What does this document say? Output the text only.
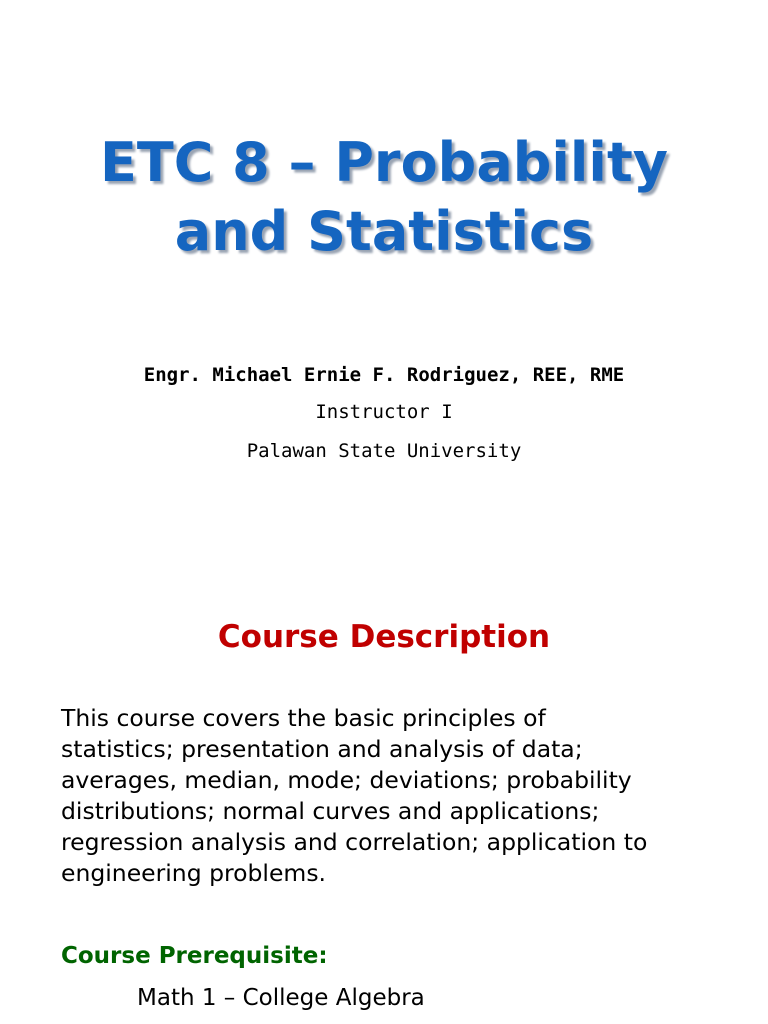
ETC 8 – Probability
and Statistics
Engr. Michael Ernie F. Rodriguez, REE, RME
Instructor I
Palawan State University
Course Description
This course covers the basic principles of
statistics; presentation and analysis of data;
averages, median, mode; deviations; probability
distributions; normal curves and applications;
regression analysis and correlation; application to
engineering problems.
Course Prerequisite:
Math 1 – College Algebra
